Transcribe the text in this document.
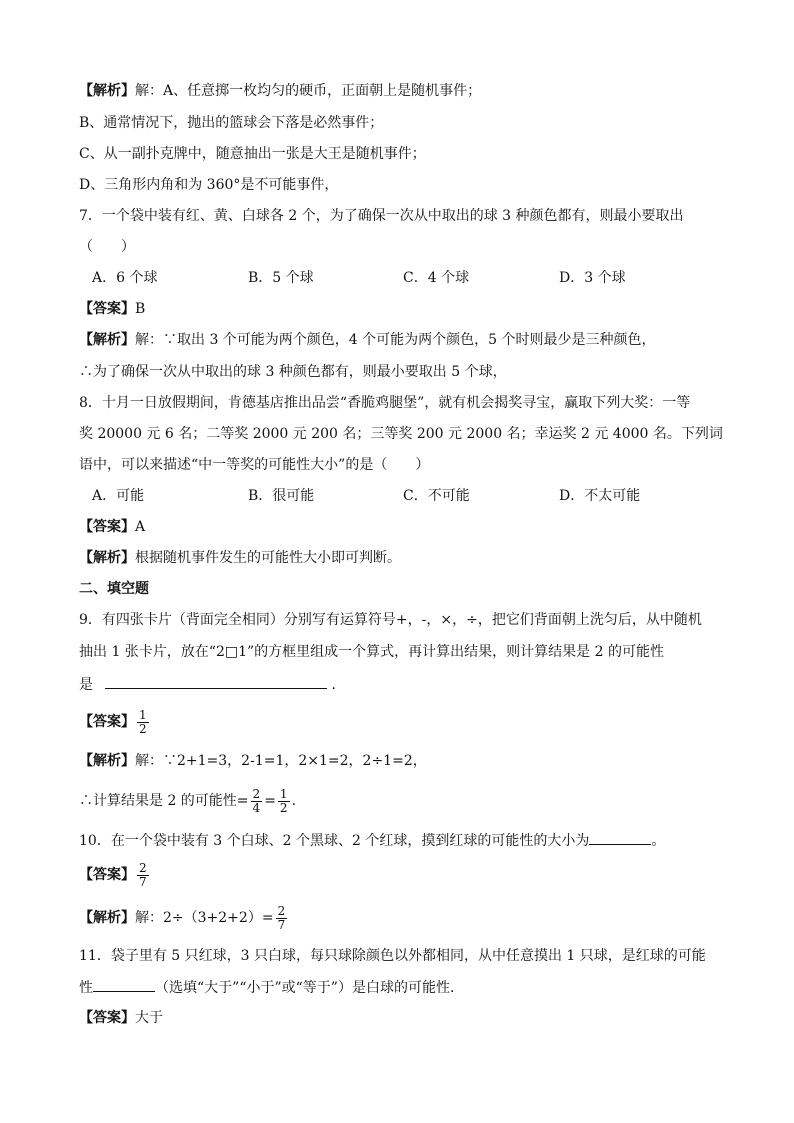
【解析】解：A、任意掷一枚均匀的硬币，正面朝上是随机事件；
B、通常情况下，抛出的篮球会下落是必然事件；
C、从一副扑克牌中，随意抽出一张是大王是随机事件；
D、三角形内角和为 360°是不可能事件，
7．一个袋中装有红、黄、白球各 2 个，为了确保一次从中取出的球 3 种颜色都有，则最小要取出
（　　）
A．6 个球	B．5 个球	C．4 个球	D．3 个球
【答案】B
【解析】解：∵取出 3 个可能为两个颜色，4 个可能为两个颜色，5 个时则最少是三种颜色，
∴为了确保一次从中取出的球 3 种颜色都有，则最小要取出 5 个球，
8．十月一日放假期间，肯德基店推出品尝“香脆鸡腿堡”，就有机会揭奖寻宝，赢取下列大奖：一等
奖 20000 元 6 名；二等奖 2000 元 200 名；三等奖 200 元 2000 名；幸运奖 2 元 4000 名。下列词
语中，可以来描述“中一等奖的可能性大小”的是（　　）
A．可能	B．很可能	C．不可能	D．不太可能
【答案】A
【解析】根据随机事件发生的可能性大小即可判断。
二、填空题
9．有四张卡片（背面完全相同）分别写有运算符号+，-，×，÷，把它们背面朝上洗匀后，从中随机
抽出 1 张卡片，放在“2□1”的方框里组成一个算式，再计算出结果，则计算结果是 2 的可能性
是	.
【答案】 $\frac{1}{2}$
【解析】解：∵2+1=3，2-1=1，2×1=2，2÷1=2，
∴计算结果是 2 的可能性= $\frac{2}{4} = \frac{1}{2}$ .
10．在一个袋中装有 3 个白球、2 个黑球、2 个红球，摸到红球的可能性的大小为	。
【答案】 $\frac{2}{7}$
【解析】解：$2\div(3+2+2)= \frac{2}{7}$
11．袋子里有 5 只红球，3 只白球，每只球除颜色以外都相同，从中任意摸出 1 只球，是红球的可能
性	（选填“大于”“小于”或“等于”）是白球的可能性．
【答案】大于
